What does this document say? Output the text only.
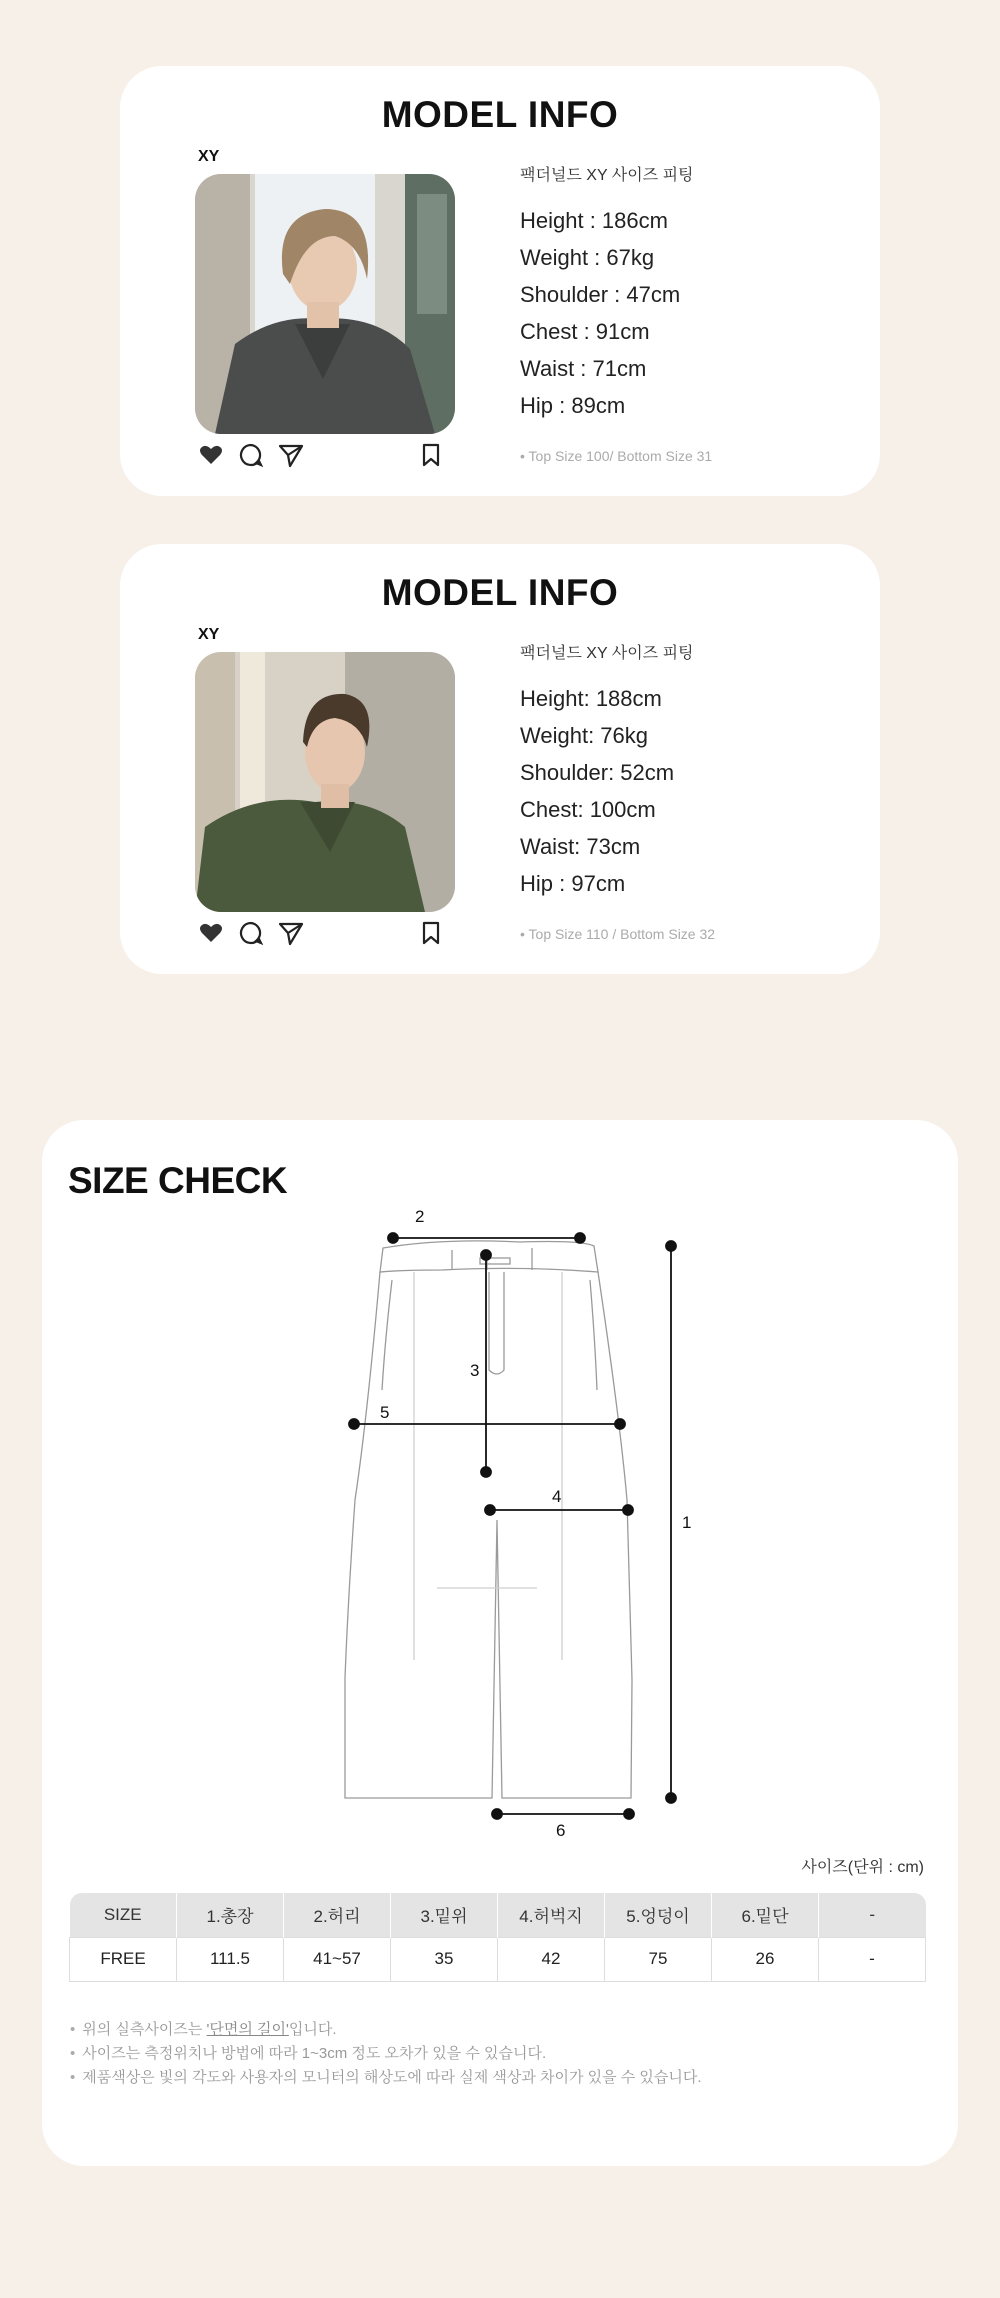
MODEL INFO
XY
팩더널드 XY 사이즈 피팅
Height : 186cm
Weight : 67kg
Shoulder : 47cm
Chest : 91cm
Waist : 71cm
Hip : 89cm
• Top Size 100/ Bottom Size 31
MODEL INFO
XY
팩더널드 XY 사이즈 피팅
Height: 188cm
Weight: 76kg
Shoulder: 52cm
Chest: 100cm
Waist: 73cm
Hip : 97cm
• Top Size 110 / Bottom Size 32
SIZE CHECK
1
2
3
4
5
6
사이즈(단위 : cm)
SIZE	1.총장	2.허리	3.밑위	4.허벅지	5.엉덩이	6.밑단	-
FREE	111.5	41~57	35	42	75	26	-
• 위의 실측사이즈는 '단면의 길이'입니다.
• 사이즈는 측정위치나 방법에 따라 1~3cm 정도 오차가 있을 수 있습니다.
• 제품색상은 빛의 각도와 사용자의 모니터의 해상도에 따라 실제 색상과 차이가 있을 수 있습니다.
